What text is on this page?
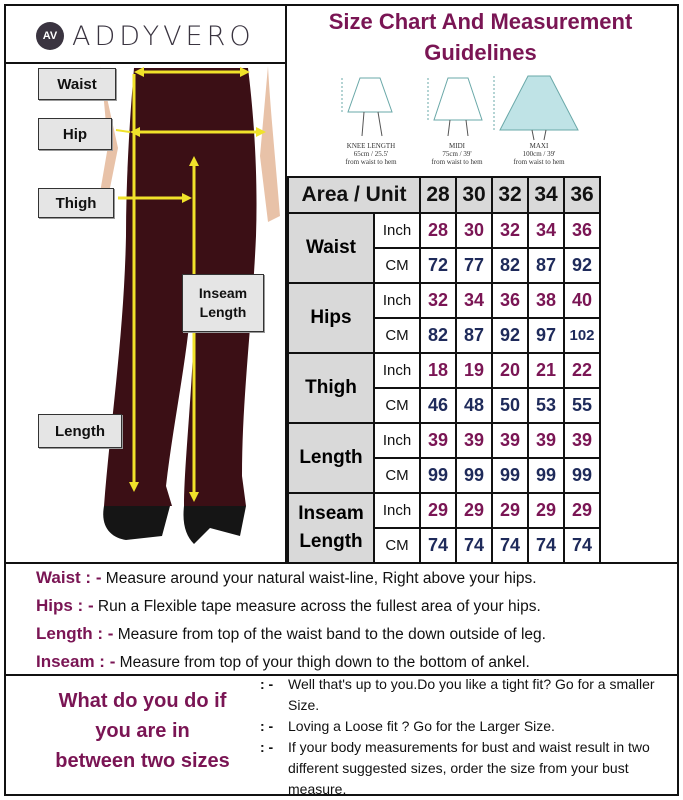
AV ADDYVERO	Size Chart And Measurement
Guidelines
Waist
Hip
Thigh
Inseam
Length
Length
KNEE LENGTH
65cm / 25.5'
from waist to hem
MIDI
75cm / 39'
from waist to hem
MAXI
100cm / 39'
from waist to hem
Area / Unit		28	30	32	34	36
Waist	Inch	28	30	32	34	36
	CM	72	77	82	87	92
Hips	Inch	32	34	36	38	40
	CM	82	87	92	97	102
Thigh	Inch	18	19	20	21	22
	CM	46	48	50	53	55
Length	Inch	39	39	39	39	39
	CM	99	99	99	99	99

Inseam
Length	Inch	29	29	29	29	29
	CM	74	74	74	74	74
Waist : - Measure around your natural waist-line, Right above your hips.
Hips : - Run a Flexible tape measure across the fullest area of your hips.
Length : - Measure from top of the waist band to the down outside of leg.
Inseam : - Measure from top of your thigh down to the bottom of ankel.
What do you do if
you are in
between two sizes
: -	Well that's up to you.Do you like a tight fit? Go for a smaller Size.
: -	Loving a Loose fit ? Go for the Larger Size.
: -	If your body measurements for bust and waist result in two different suggested sizes, order the size from your bust measure.
